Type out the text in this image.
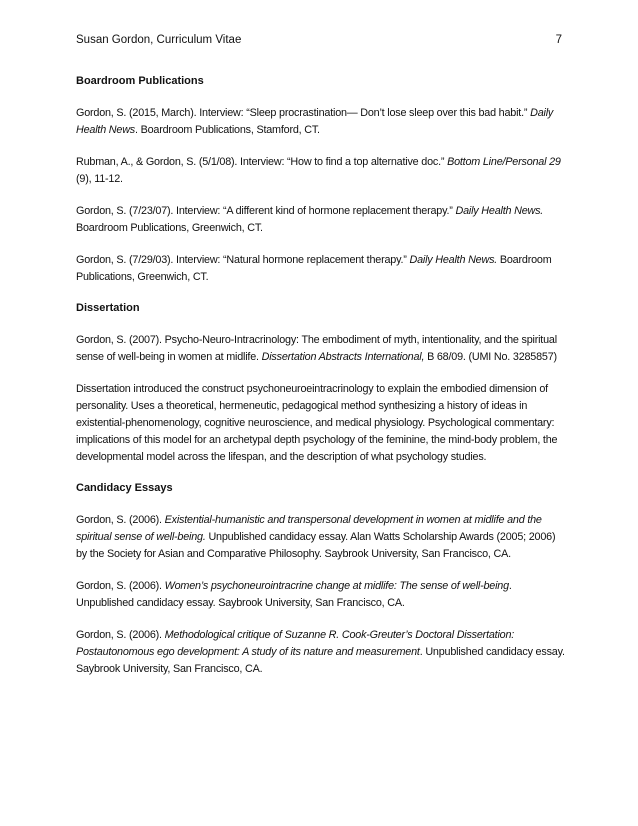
Susan Gordon, Curriculum Vitae	7
Boardroom Publications
Gordon, S. (2015, March). Interview: “Sleep procrastination— Don’t lose sleep over this bad habit.” Daily Health News. Boardroom Publications, Stamford, CT.
Rubman, A., & Gordon, S. (5/1/08). Interview: “How to find a top alternative doc.” Bottom Line/Personal 29 (9), 11-12.
Gordon, S. (7/23/07). Interview: “A different kind of hormone replacement therapy.” Daily Health News. Boardroom Publications, Greenwich, CT.
Gordon, S. (7/29/03). Interview: “Natural hormone replacement therapy.” Daily Health News. Boardroom Publications, Greenwich, CT.
Dissertation
Gordon, S. (2007). Psycho-Neuro-Intracrinology: The embodiment of myth, intentionality, and the spiritual sense of well-being in women at midlife. Dissertation Abstracts International, B 68/09. (UMI No. 3285857)
Dissertation introduced the construct psychoneuroeintracrinology to explain the embodied dimension of personality. Uses a theoretical, hermeneutic, pedagogical method synthesizing a history of ideas in existential-phenomenology, cognitive neuroscience, and medical physiology. Psychological commentary: implications of this model for an archetypal depth psychology of the feminine, the mind-body problem, the developmental model across the lifespan, and the description of what psychology studies.
Candidacy Essays
Gordon, S. (2006). Existential-humanistic and transpersonal development in women at midlife and the spiritual sense of well-being. Unpublished candidacy essay. Alan Watts Scholarship Awards (2005; 2006) by the Society for Asian and Comparative Philosophy. Saybrook University, San Francisco, CA.
Gordon, S. (2006). Women’s psychoneurointracrine change at midlife: The sense of well-being. Unpublished candidacy essay. Saybrook University, San Francisco, CA.
Gordon, S. (2006). Methodological critique of Suzanne R. Cook-Greuter’s Doctoral Dissertation: Postautonomous ego development: A study of its nature and measurement. Unpublished candidacy essay. Saybrook University, San Francisco, CA.
